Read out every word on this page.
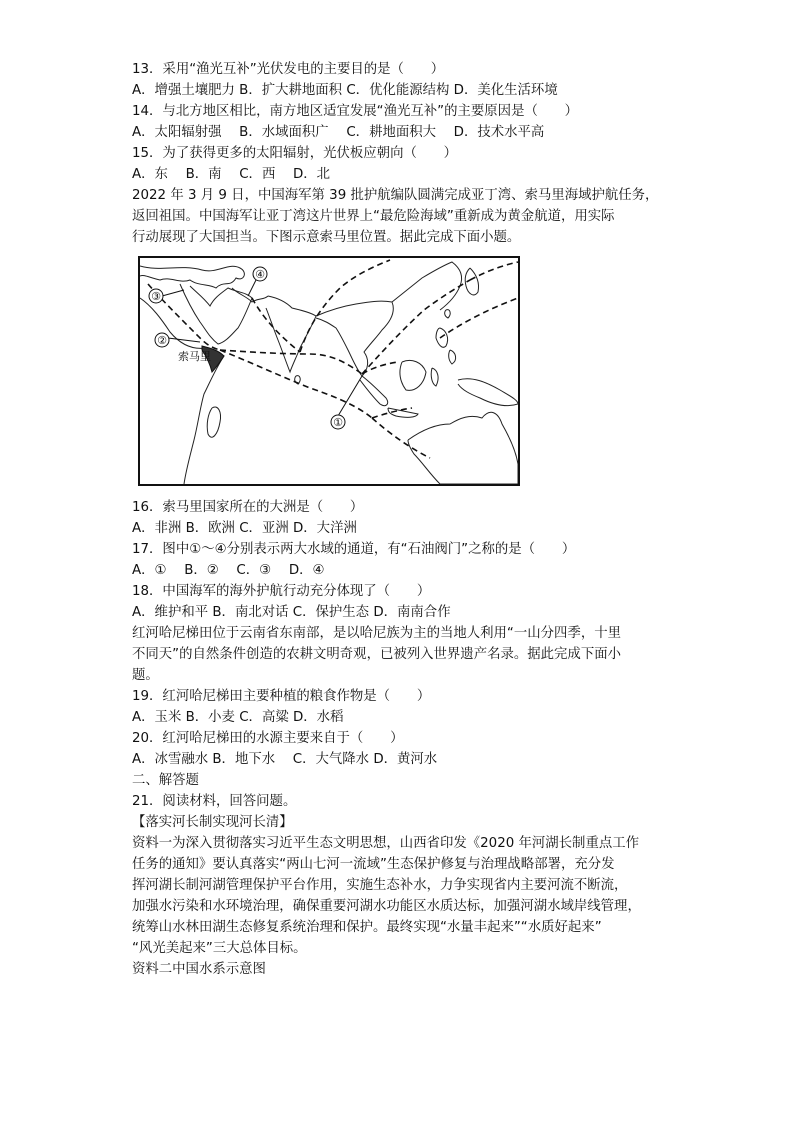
13．采用“渔光互补”光伏发电的主要目的是（　　）
A．增强土壤肥力 B．扩大耕地面积 C．优化能源结构 D．美化生活环境
14．与北方地区相比，南方地区适宜发展“渔光互补”的主要原因是（　　）
A．太阳辐射强　 B．水域面积广　 C．耕地面积大　 D．技术水平高
15．为了获得更多的太阳辐射，光伏板应朝向（　　）
A．东　 B．南　 C．西　 D．北
2022 年 3 月 9 日，中国海军第 39 批护航编队圆满完成亚丁湾、索马里海域护航任务，
返回祖国。中国海军让亚丁湾这片世界上“最危险海域”重新成为黄金航道，用实际
行动展现了大国担当。下图示意索马里位置。据此完成下面小题。
①
②
③
④
索马里
16．索马里国家所在的大洲是（　　）
A．非洲 B．欧洲 C．亚洲 D．大洋洲
17．图中①～④分别表示两大水域的通道，有“石油阀门”之称的是（　　）
A．①　 B．②　 C．③　 D．④
18．中国海军的海外护航行动充分体现了（　　）
A．维护和平 B．南北对话 C．保护生态 D．南南合作
红河哈尼梯田位于云南省东南部，是以哈尼族为主的当地人利用“一山分四季，十里
不同天”的自然条件创造的农耕文明奇观，已被列入世界遗产名录。据此完成下面小
题。
19．红河哈尼梯田主要种植的粮食作物是（　　）
A．玉米 B．小麦 C．高粱 D．水稻
20．红河哈尼梯田的水源主要来自于（　　）
A．冰雪融水 B．地下水　 C．大气降水 D．黄河水
二、解答题
21．阅读材料，回答问题。
【落实河长制实现河长清】
资料一为深入贯彻落实习近平生态文明思想，山西省印发《2020 年河湖长制重点工作
任务的通知》要认真落实“两山七河一流域”生态保护修复与治理战略部署，充分发
挥河湖长制河湖管理保护平台作用，实施生态补水，力争实现省内主要河流不断流，
加强水污染和水环境治理，确保重要河湖水功能区水质达标，加强河湖水域岸线管理，
统筹山水林田湖生态修复系统治理和保护。最终实现“水量丰起来”“水质好起来”
“风光美起来”三大总体目标。
资料二中国水系示意图
